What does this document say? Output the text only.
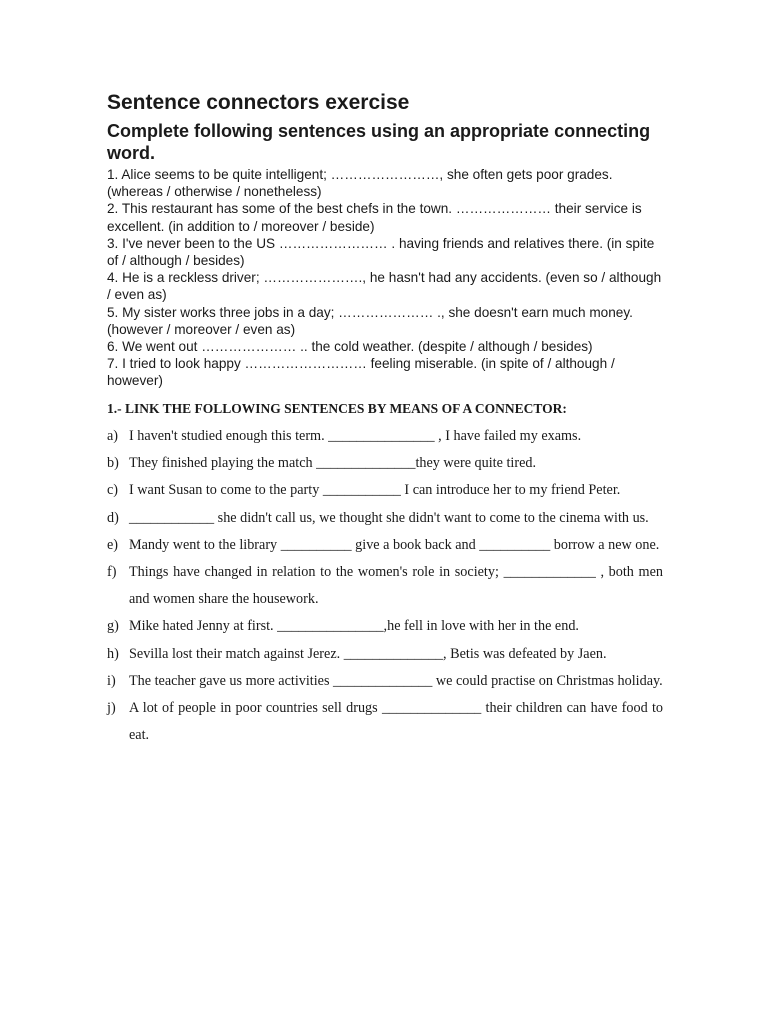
Sentence connectors exercise
Complete following sentences using an appropriate connecting word.
1. Alice seems to be quite intelligent; ……………………, she often gets poor grades. (whereas / otherwise / nonetheless)
2. This restaurant has some of the best chefs in the town. ………………… their service is excellent. (in addition to / moreover / beside)
3. I've never been to the US …………………… . having friends and relatives there. (in spite of / although / besides)
4. He is a reckless driver; …………………., he hasn't had any accidents. (even so / although / even as)
5. My sister works three jobs in a day; ………………… ., she doesn't earn much money. (however / moreover / even as)
6. We went out ………………… .. the cold weather. (despite / although / besides)
7. I tried to look happy ……………………… feeling miserable. (in spite of / although / however)
1.- LINK THE FOLLOWING SENTENCES BY MEANS OF A CONNECTOR:
a) I haven't studied enough this term. _______________ , I have failed my exams.
b) They finished playing the match ______________they were quite tired.
c) I want Susan to come to the party ___________ I can introduce her to my friend Peter.
d) ____________ she didn't call us, we thought she didn't want to come to the cinema with us.
e) Mandy went to the library __________ give a book back and __________ borrow a new one.
f) Things have changed in relation to the women's role in society; _____________ , both men and women share the housework.
g) Mike hated Jenny at first. _______________,he fell in love with her in the end.
h) Sevilla lost their match against Jerez. ______________, Betis was defeated by Jaen.
i) The teacher gave us more activities ______________ we could practise on Christmas holiday.
j) A lot of people in poor countries sell drugs ______________ their children can have food to eat.
